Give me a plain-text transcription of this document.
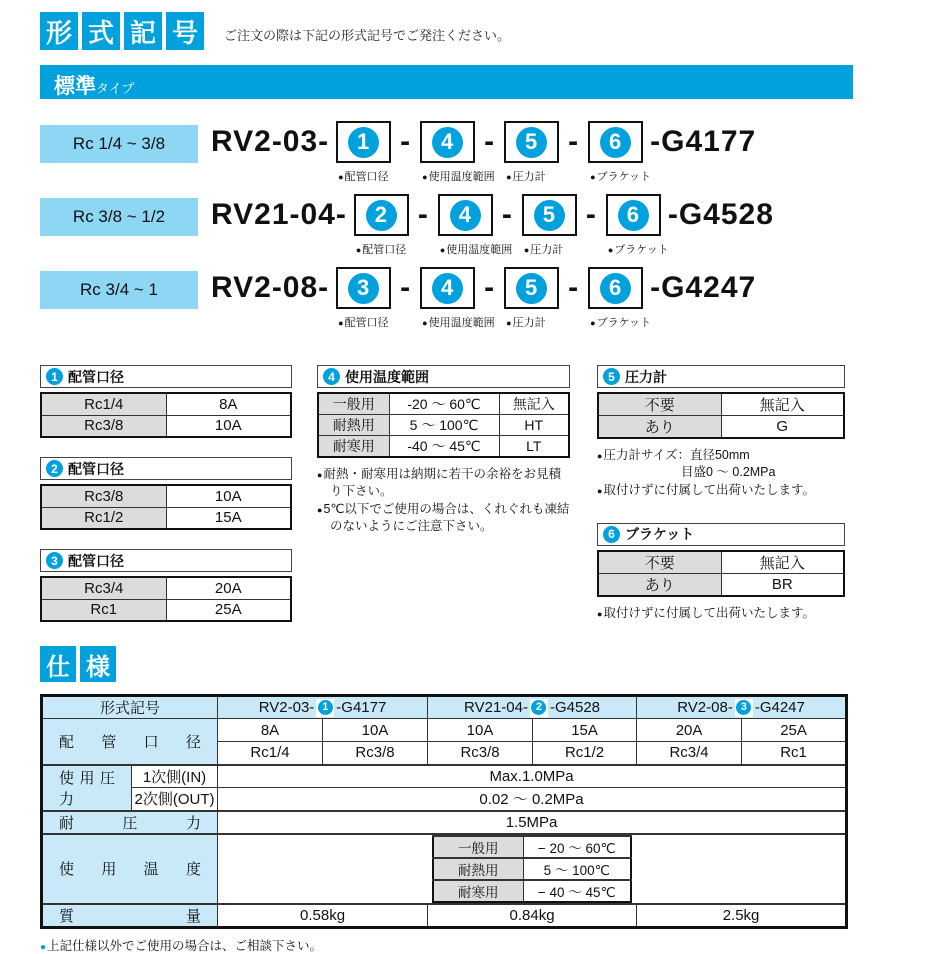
形 式 記 号	ご注文の際は下記の形式記号でご発注ください。
標準 タイプ
Rc 1/4 ~ 3/8	RV2-03-	1
●配管口径
-	4
●使用温度範囲
-	5
●圧力計
-	6
●ブラケット
-G4177
Rc 3/8 ~ 1/2	RV21-04-	2
●配管口径
-	4
●使用温度範囲
-	5
●圧力計
-	6
●ブラケット
-G4528
Rc 3/4 ~ 1	RV2-08-	3
●配管口径
-	4
●使用温度範囲
-	5
●圧力計
-	6
●ブラケット
-G4247
1 配管口径
Rc1/4	8A
Rc3/8	10A
2 配管口径
Rc3/8	10A
Rc1/2	15A
3 配管口径
Rc3/4	20A
Rc1	25A
4 使用温度範囲
一般用	-20 ～ 60℃	無記入
耐熱用	5 ～ 100℃	HT
耐寒用	-40 ～ 45℃	LT
●耐熱・耐寒用は納期に若干の余裕をお見積り下さい。
●5℃以下でご使用の場合は、くれぐれも凍結のないようにご注意下さい。
5 圧力計
不要	無記入
あり	G
●圧力計サイズ：直径50mm
目盛0 ～ 0.2MPa
●取付けずに付属して出荷いたします。
6 ブラケット
不要	無記入
あり	BR
●取付けずに付属して出荷いたします。
仕 様
形式記号	RV2-03- 1 -G4177	RV21-04- 2 -G4528	RV2-08- 3 -G4247

配管口径	8A	10A	10A	15A	20A	25A
Rc1/4	Rc3/8	Rc3/8	Rc1/2	Rc3/4	Rc1
使用圧力	1次側(IN)	Max.1.0MPa
2次側(OUT)	0.02 ～ 0.2MPa
耐圧力	1.5MPa
使用温度	
一般用	− 20 ～ 60℃
耐熱用	5 ～ 100℃
耐寒用	− 40 ～ 45℃

質量	0.58kg	0.84kg	2.5kg
●上記仕様以外でご使用の場合は、ご相談下さい。
